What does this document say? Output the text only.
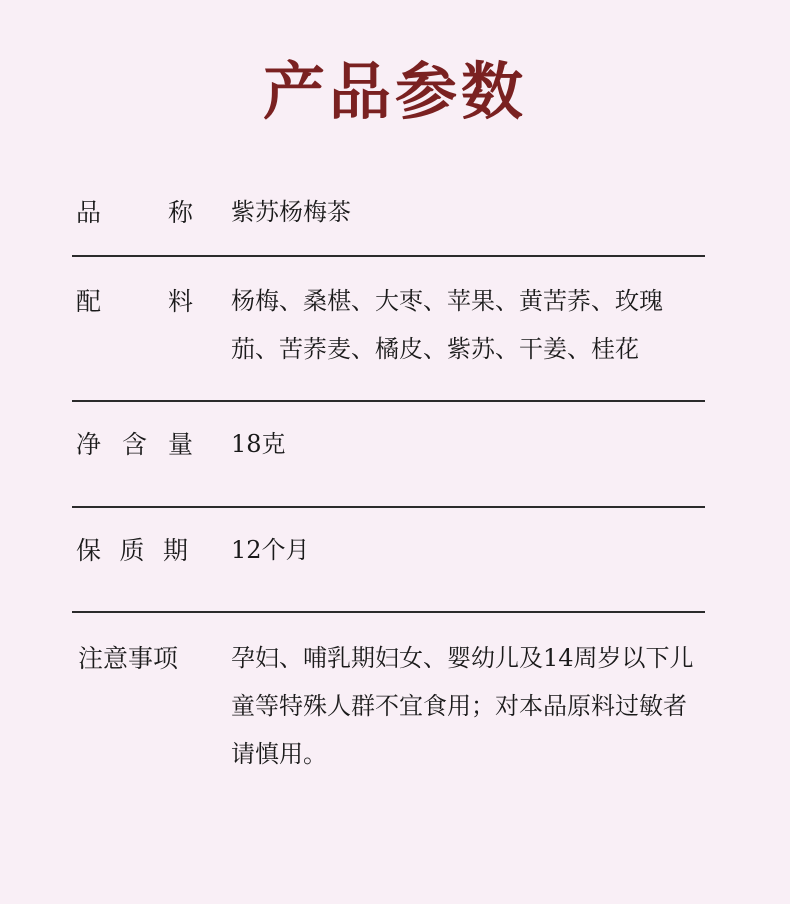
产品参数
品	称 紫苏杨梅茶
配	料 杨梅、桑椹、大枣、苹果、黄苦荞、玫瑰茄、苦荞麦、橘皮、紫苏、干姜、桂花
净 含 量 18克
保 质 期 12个月
注意事项 孕妇、哺乳期妇女、婴幼儿及14周岁以下儿童等特殊人群不宜食用；对本品原料过敏者请慎用。
